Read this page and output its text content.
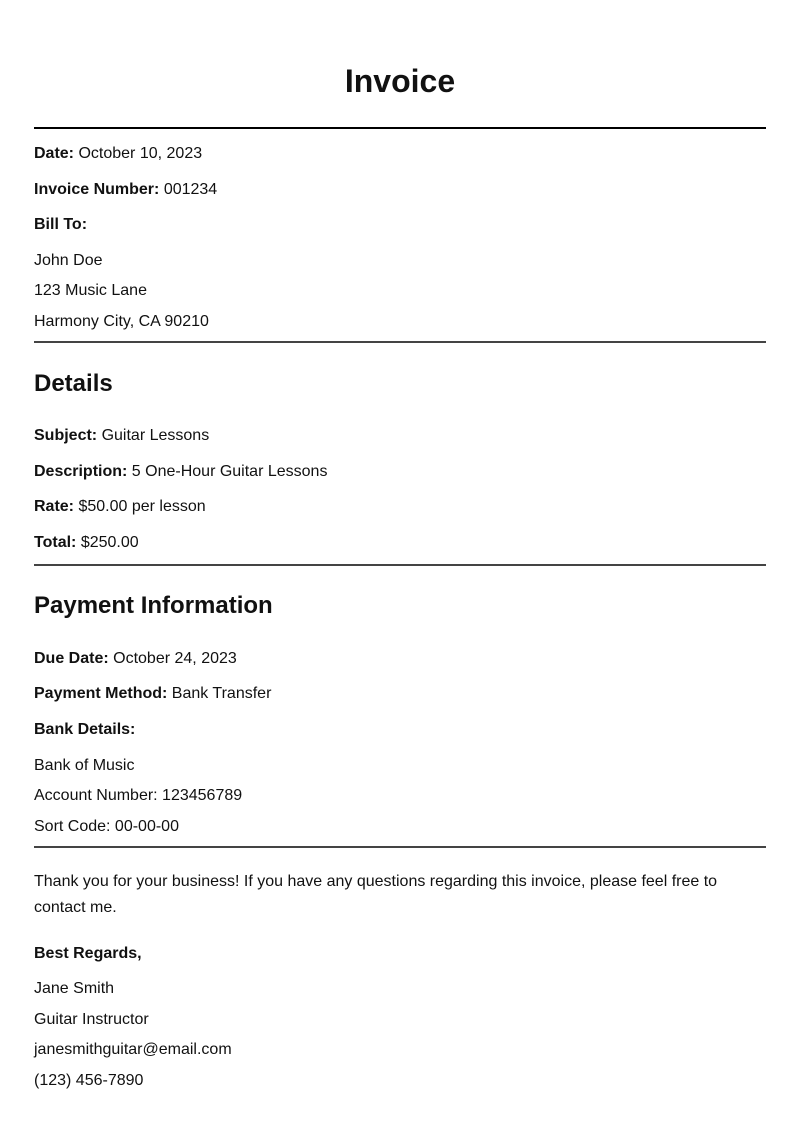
Invoice
Date: October 10, 2023
Invoice Number: 001234
Bill To:
John Doe
123 Music Lane
Harmony City, CA 90210
Details
Subject: Guitar Lessons
Description: 5 One-Hour Guitar Lessons
Rate: $50.00 per lesson
Total: $250.00
Payment Information
Due Date: October 24, 2023
Payment Method: Bank Transfer
Bank Details:
Bank of Music
Account Number: 123456789
Sort Code: 00-00-00
Thank you for your business! If you have any questions regarding this invoice, please feel free to contact me.
Best Regards,
Jane Smith
Guitar Instructor
janesmithguitar@email.com
(123) 456-7890
